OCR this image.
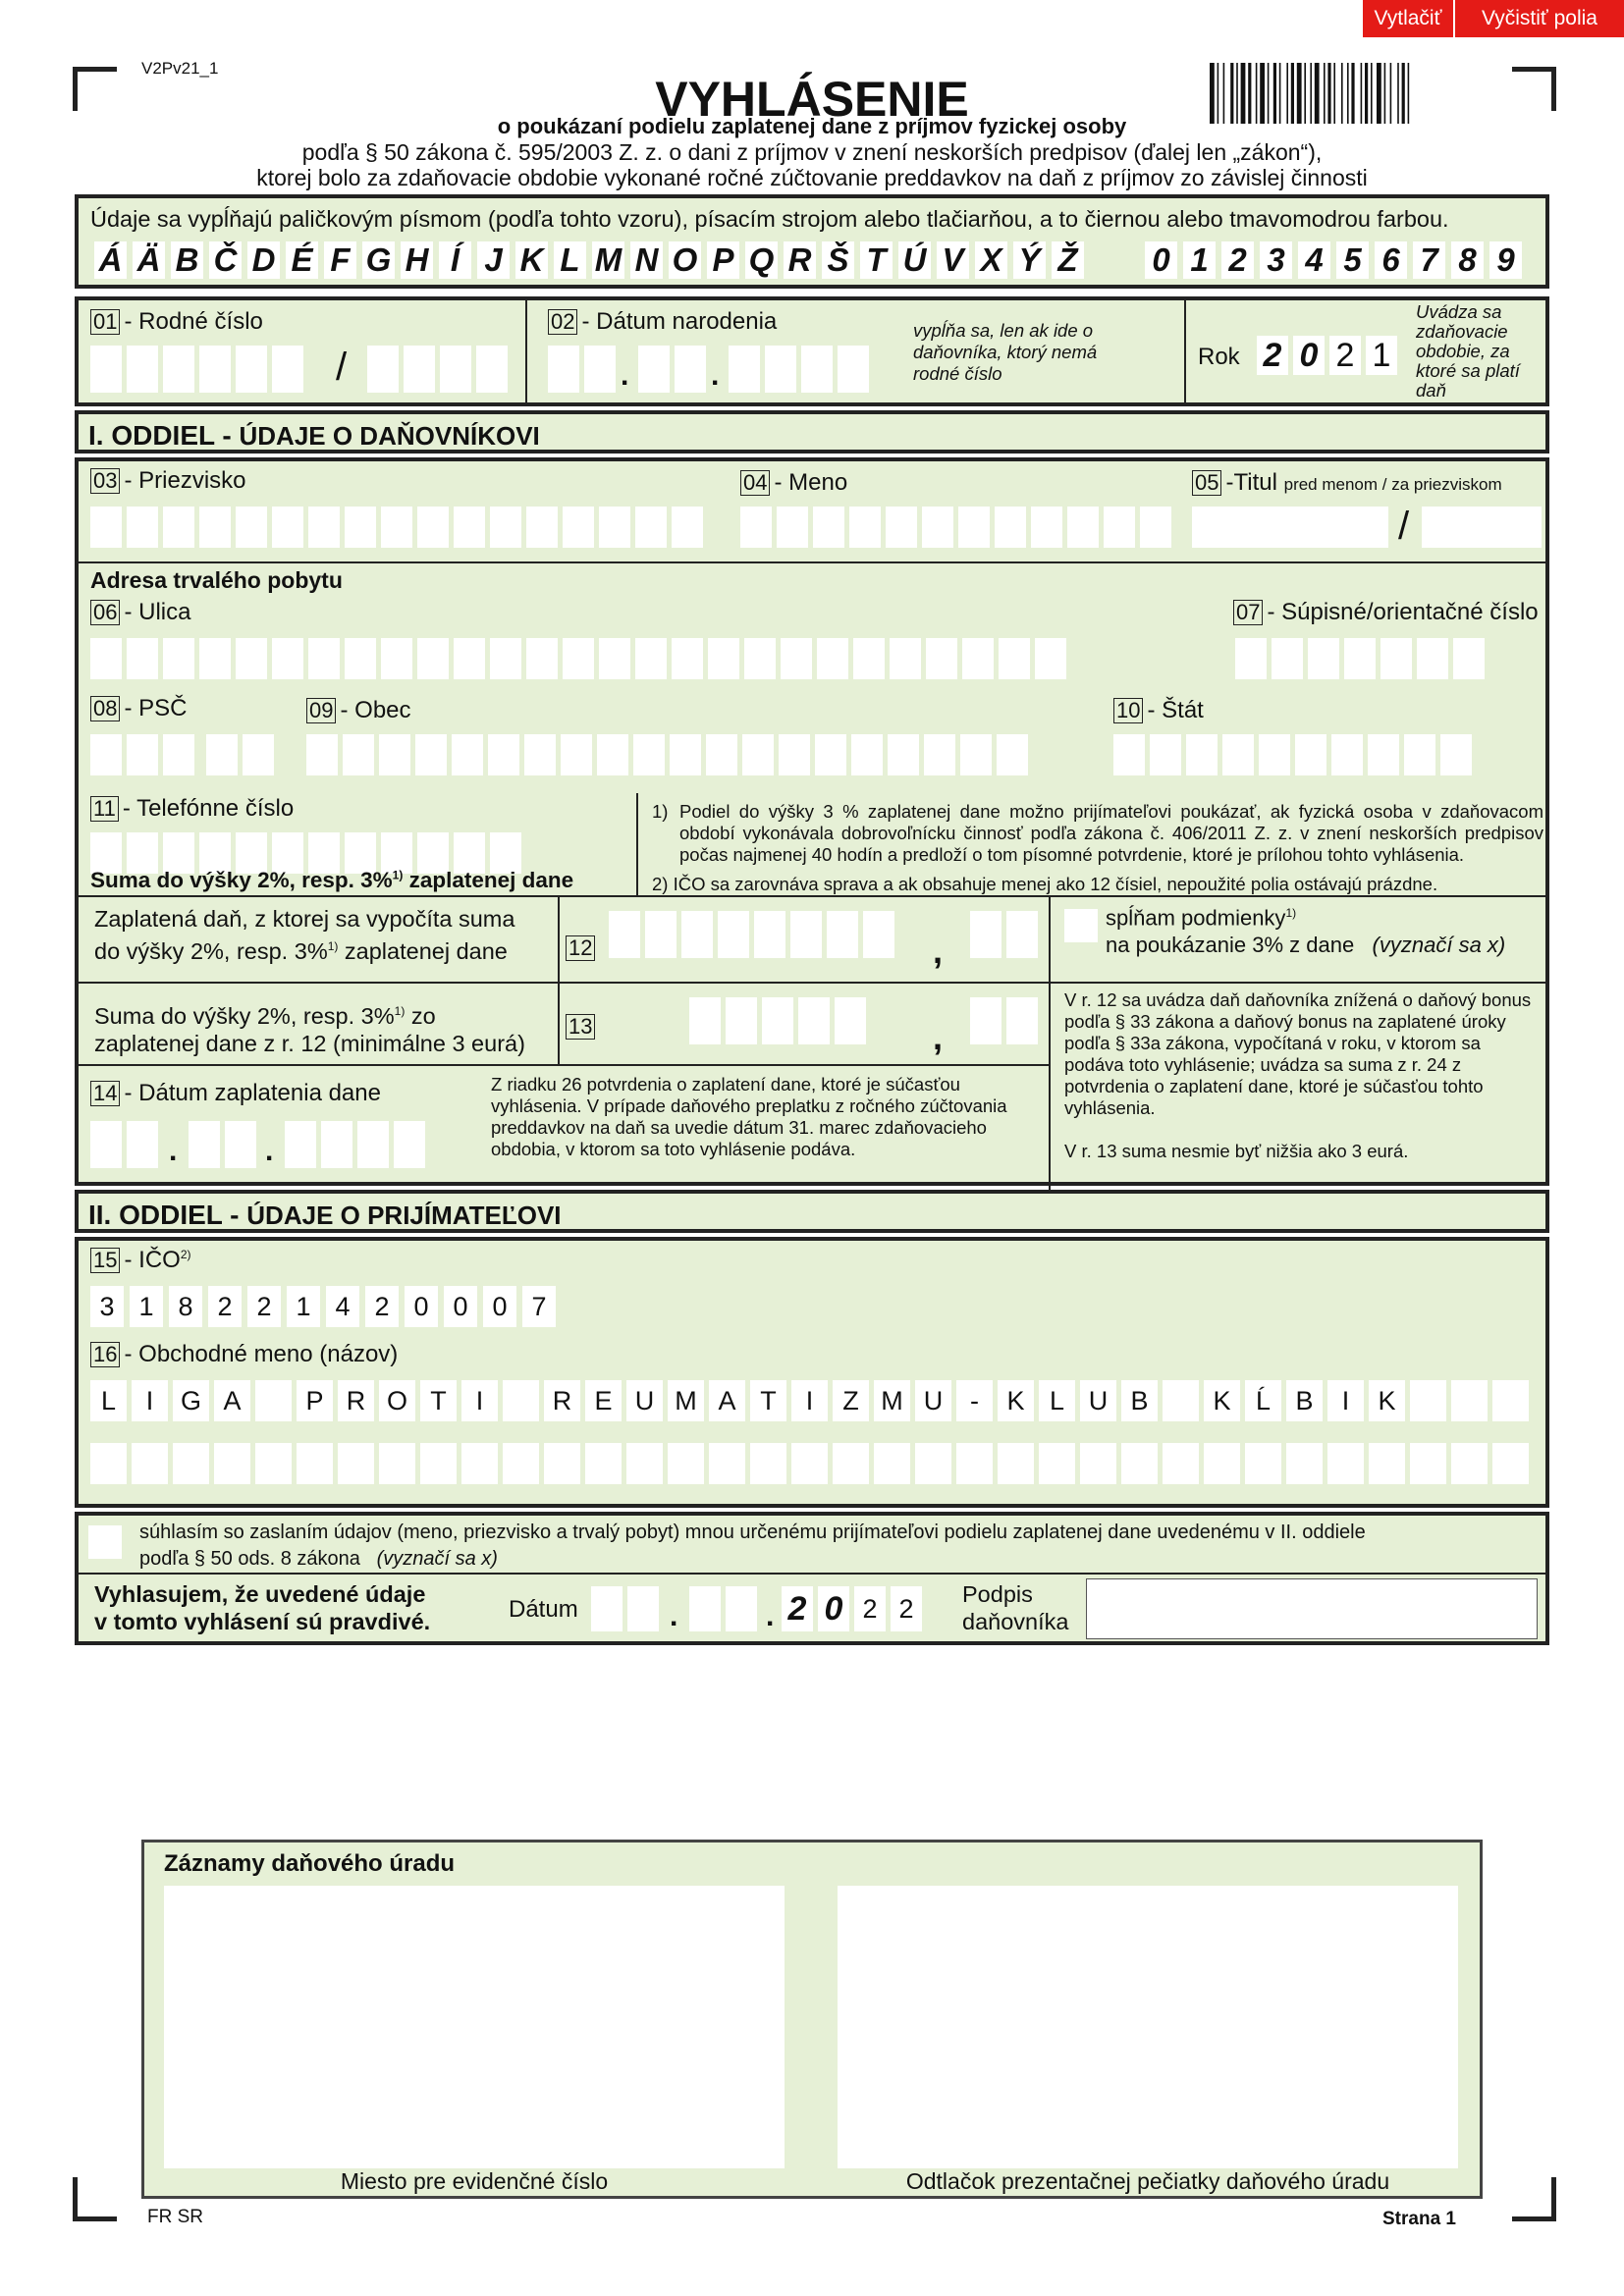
Vytlačiť	Vyčistiť polia
V2Pv21_1
VYHLÁSENIE
o poukázaní podielu zaplatenej dane z príjmov fyzickej osoby
podľa § 50 zákona č. 595/2003 Z. z. o dani z príjmov v znení neskorších predpisov (ďalej len „zákon“),
ktorej bolo za zdaňovacie obdobie vykonané ročné zúčtovanie preddavkov na daň z príjmov zo závislej činnosti
Údaje sa vypĺňajú paličkovým písmom (podľa tohto vzoru), písacím strojom alebo tlačiarňou, a to čiernou alebo tmavomodrou farbou.
Á Ä B Č D É F G H Í J K L M N O P Q R Š T Ú V X Ý Ž 0 1 2 3 4 5 6 7 8 9
01 - Rodné číslo
/
02 - Dátum narodenia	vypĺňa sa, len ak ide o daňovníka, ktorý nemá rodné číslo
.	.
Rok 2 0 2 1
Uvádza sa zdaňovacie obdobie, za ktoré sa platí daň
I. ODDIEL - ÚDAJE O DAŇOVNÍKOVI
03 - Priezvisko	04 - Meno	05 -Titul pred menom / za priezviskom
/
Adresa trvalého pobytu
06 - Ulica	07 - Súpisné/orientačné číslo
08 - PSČ	09 - Obec	10 - Štát
11 - Telefónne číslo	1) Podiel do výšky 3 % zaplatenej dane možno prijímateľovi poukázať, ak fyzická osoba v zdaňovacom období vykonávala dobrovoľnícku činnosť podľa zákona č. 406/2011 Z. z. v znení neskorších predpisov počas najmenej 40 hodín a predloží o tom písomné potvrdenie, ktoré je prílohou tohto vyhlásenia.
2) IČO sa zarovnáva sprava a ak obsahuje menej ako 12 čísiel, nepoužité polia ostávajú prázdne.
Suma do výšky 2%, resp. 3%$^{1)}$ zaplatenej dane
Zaplatená daň, z ktorej sa vypočíta suma
do výšky 2%, resp. 3%$^{1)}$ zaplatenej dane	12	,
spĺňam podmienky$^{1)}$
na poukázanie 3% z dane (vyznačí sa x)
Suma do výšky 2%, resp. 3%$^{1)}$ zo
zaplatenej dane z r. 12 (minimálne 3 eurá)
13	,
V r. 12 sa uvádza daň daňovníka znížená o daňový bonus podľa § 33 zákona a daňový bonus na zaplatené úroky podľa § 33a zákona, vypočítaná v roku, v ktorom sa podáva toto vyhlásenie; uvádza sa suma z r. 24 z potvrdenia o zaplatení dane, ktoré je súčasťou tohto vyhlásenia.
V r. 13 suma nesmie byť nižšia ako 3 eurá.
14 - Dátum zaplatenia dane	Z riadku 26 potvrdenia o zaplatení dane, ktoré je súčasťou vyhlásenia. V prípade daňového preplatku z ročného zúčtovania preddavkov na daň sa uvedie dátum 31. marec zdaňovacieho obdobia, v ktorom sa toto vyhlásenie podáva.
.	.
II. ODDIEL - ÚDAJE O PRIJÍMATEĽOVI
15 - IČO$^{2)}$
3 1 8 2 2 1 4 2 0 0 0 7
16 - Obchodné meno (názov)
L	I	G A	P R O T	I	R E U M A T	I	Z M U	-	K L U B	K Ĺ B	I	K
súhlasím so zaslaním údajov (meno, priezvisko a trvalý pobyt) mnou určenému prijímateľovi podielu zaplatenej dane uvedenému v II. oddiele
podľa § 50 ods. 8 zákona (vyznačí sa x)
Vyhlasujem, že uvedené údaje
v tomto vyhlásení sú pravdivé.	Dátum	.	. 2 0 2 2	Podpis
daňovníka
Záznamy daňového úradu
Miesto pre evidenčné číslo	Odtlačok prezentačnej pečiatky daňového úradu
FR SR	Strana 1
